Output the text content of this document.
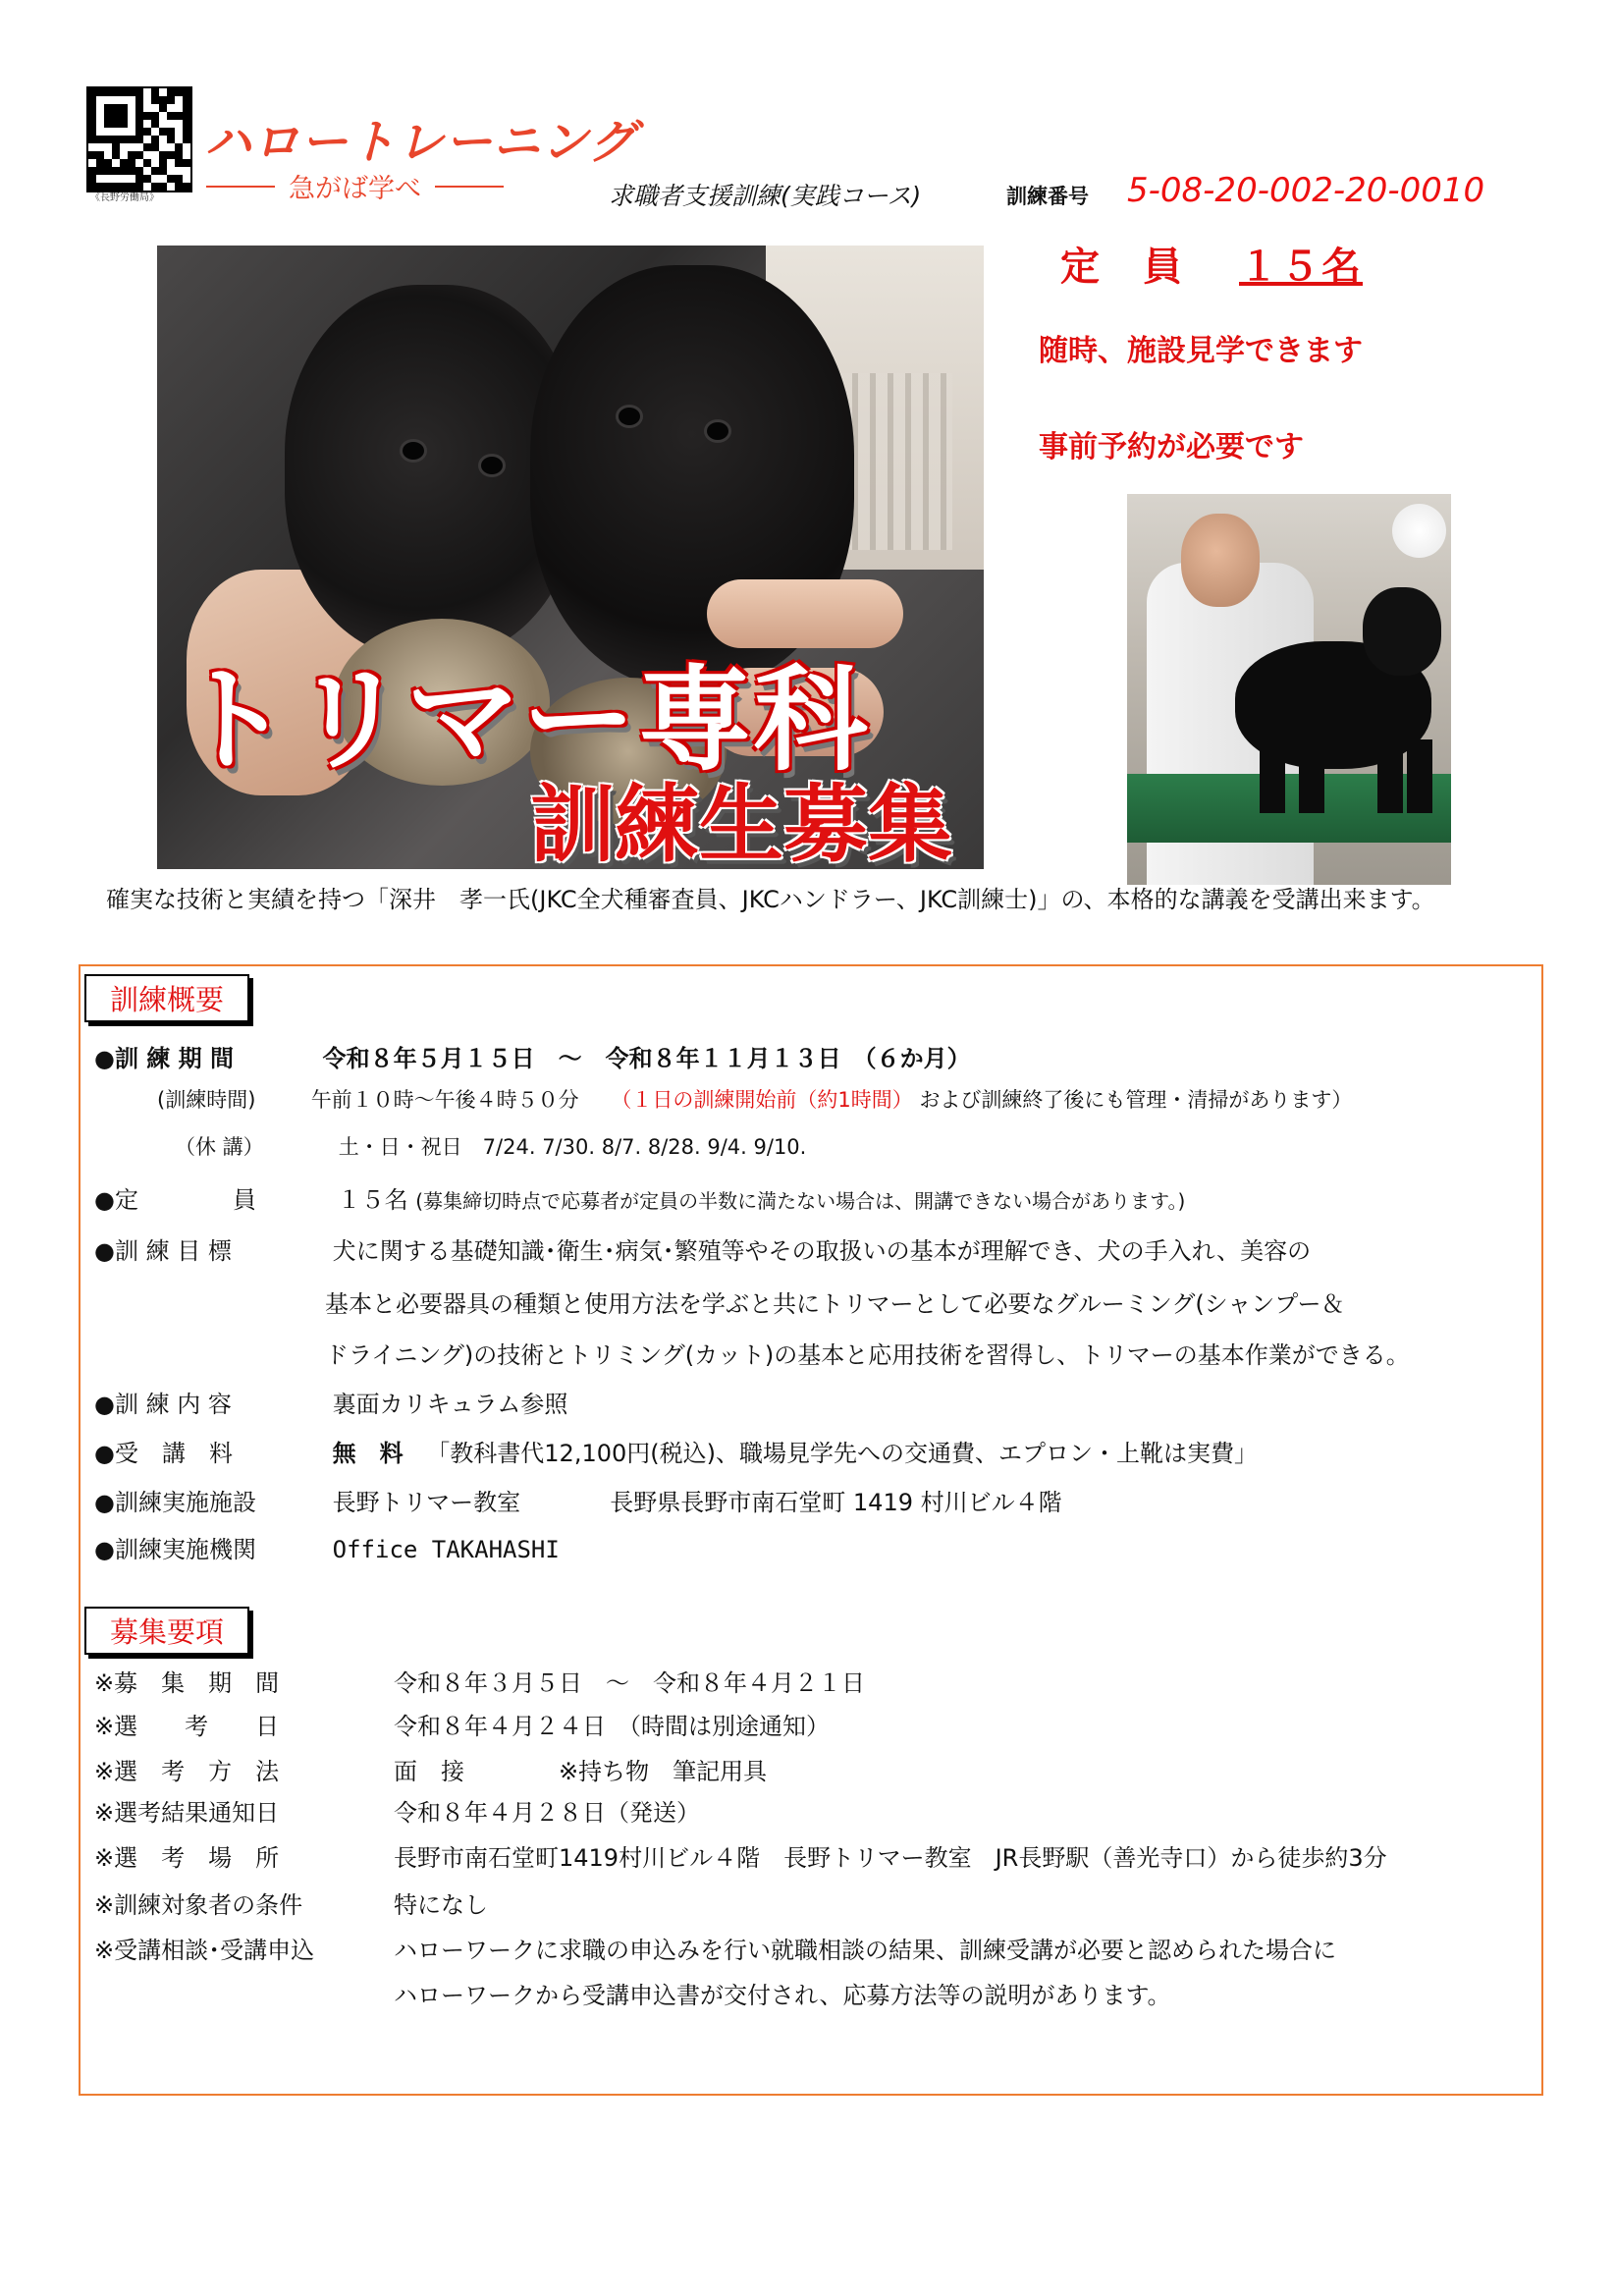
《長野労働局》
ハロートレーニング
急がば学べ	求職者支援訓練(実践コース)	訓練番号 5-08-20-002-20-0010
トリマー専科
訓練生募集
定　員 １５名
随時、施設見学できます
事前予約が必要です
確実な技術と実績を持つ「深井　孝一氏(JKC全犬種審査員、JKCハンドラー、JKC訓練士)」の、本格的な講義を受講出来ます。
訓練概要
●訓 練 期 間	令和８年５月１５日　～　令和８年１１月１３日　（６か月）
(訓練時間)	午前１０時～午後４時５０分 （１日の訓練開始前（約1時間） および訓練終了後にも管理・清掃があります）
（休 講）	土・日・祝日　7/24. 7/30. 8/7. 8/28. 9/4. 9/10.
●定　　　　員	１５名 (募集締切時点で応募者が定員の半数に満たない場合は、開講できない場合があります。)
●訓 練 目 標	犬に関する基礎知識･衛生･病気･繁殖等やその取扱いの基本が理解でき、犬の手入れ、美容の
基本と必要器具の種類と使用方法を学ぶと共にトリマーとして必要なグルーミング(シャンプー＆
ドライニング)の技術とトリミング(カット)の基本と応用技術を習得し、トリマーの基本作業ができる。
●訓 練 内 容	裏面カリキュラム参照
●受　講　料	無　料 「教科書代12,100円(税込)、職場見学先への交通費、エプロン・上靴は実費」
●訓練実施施設	長野トリマー教室	長野県長野市南石堂町 1419 村川ビル４階
●訓練実施機関	Office TAKAHASHI
募集要項
※募　集　期　間	令和８年３月５日　～　令和８年４月２１日
※選　　考　　日	令和８年４月２４日　（時間は別途通知）
※選　考　方　法	面　接　　　　※持ち物　筆記用具
※選考結果通知日	令和８年４月２８日（発送）
※選　考　場　所	長野市南石堂町1419村川ビル４階　長野トリマー教室　JR長野駅（善光寺口）から徒歩約3分
※訓練対象者の条件	特になし
※受講相談･受講申込	ハローワークに求職の申込みを行い就職相談の結果、訓練受講が必要と認められた場合に
ハローワークから受講申込書が交付され、応募方法等の説明があります。
